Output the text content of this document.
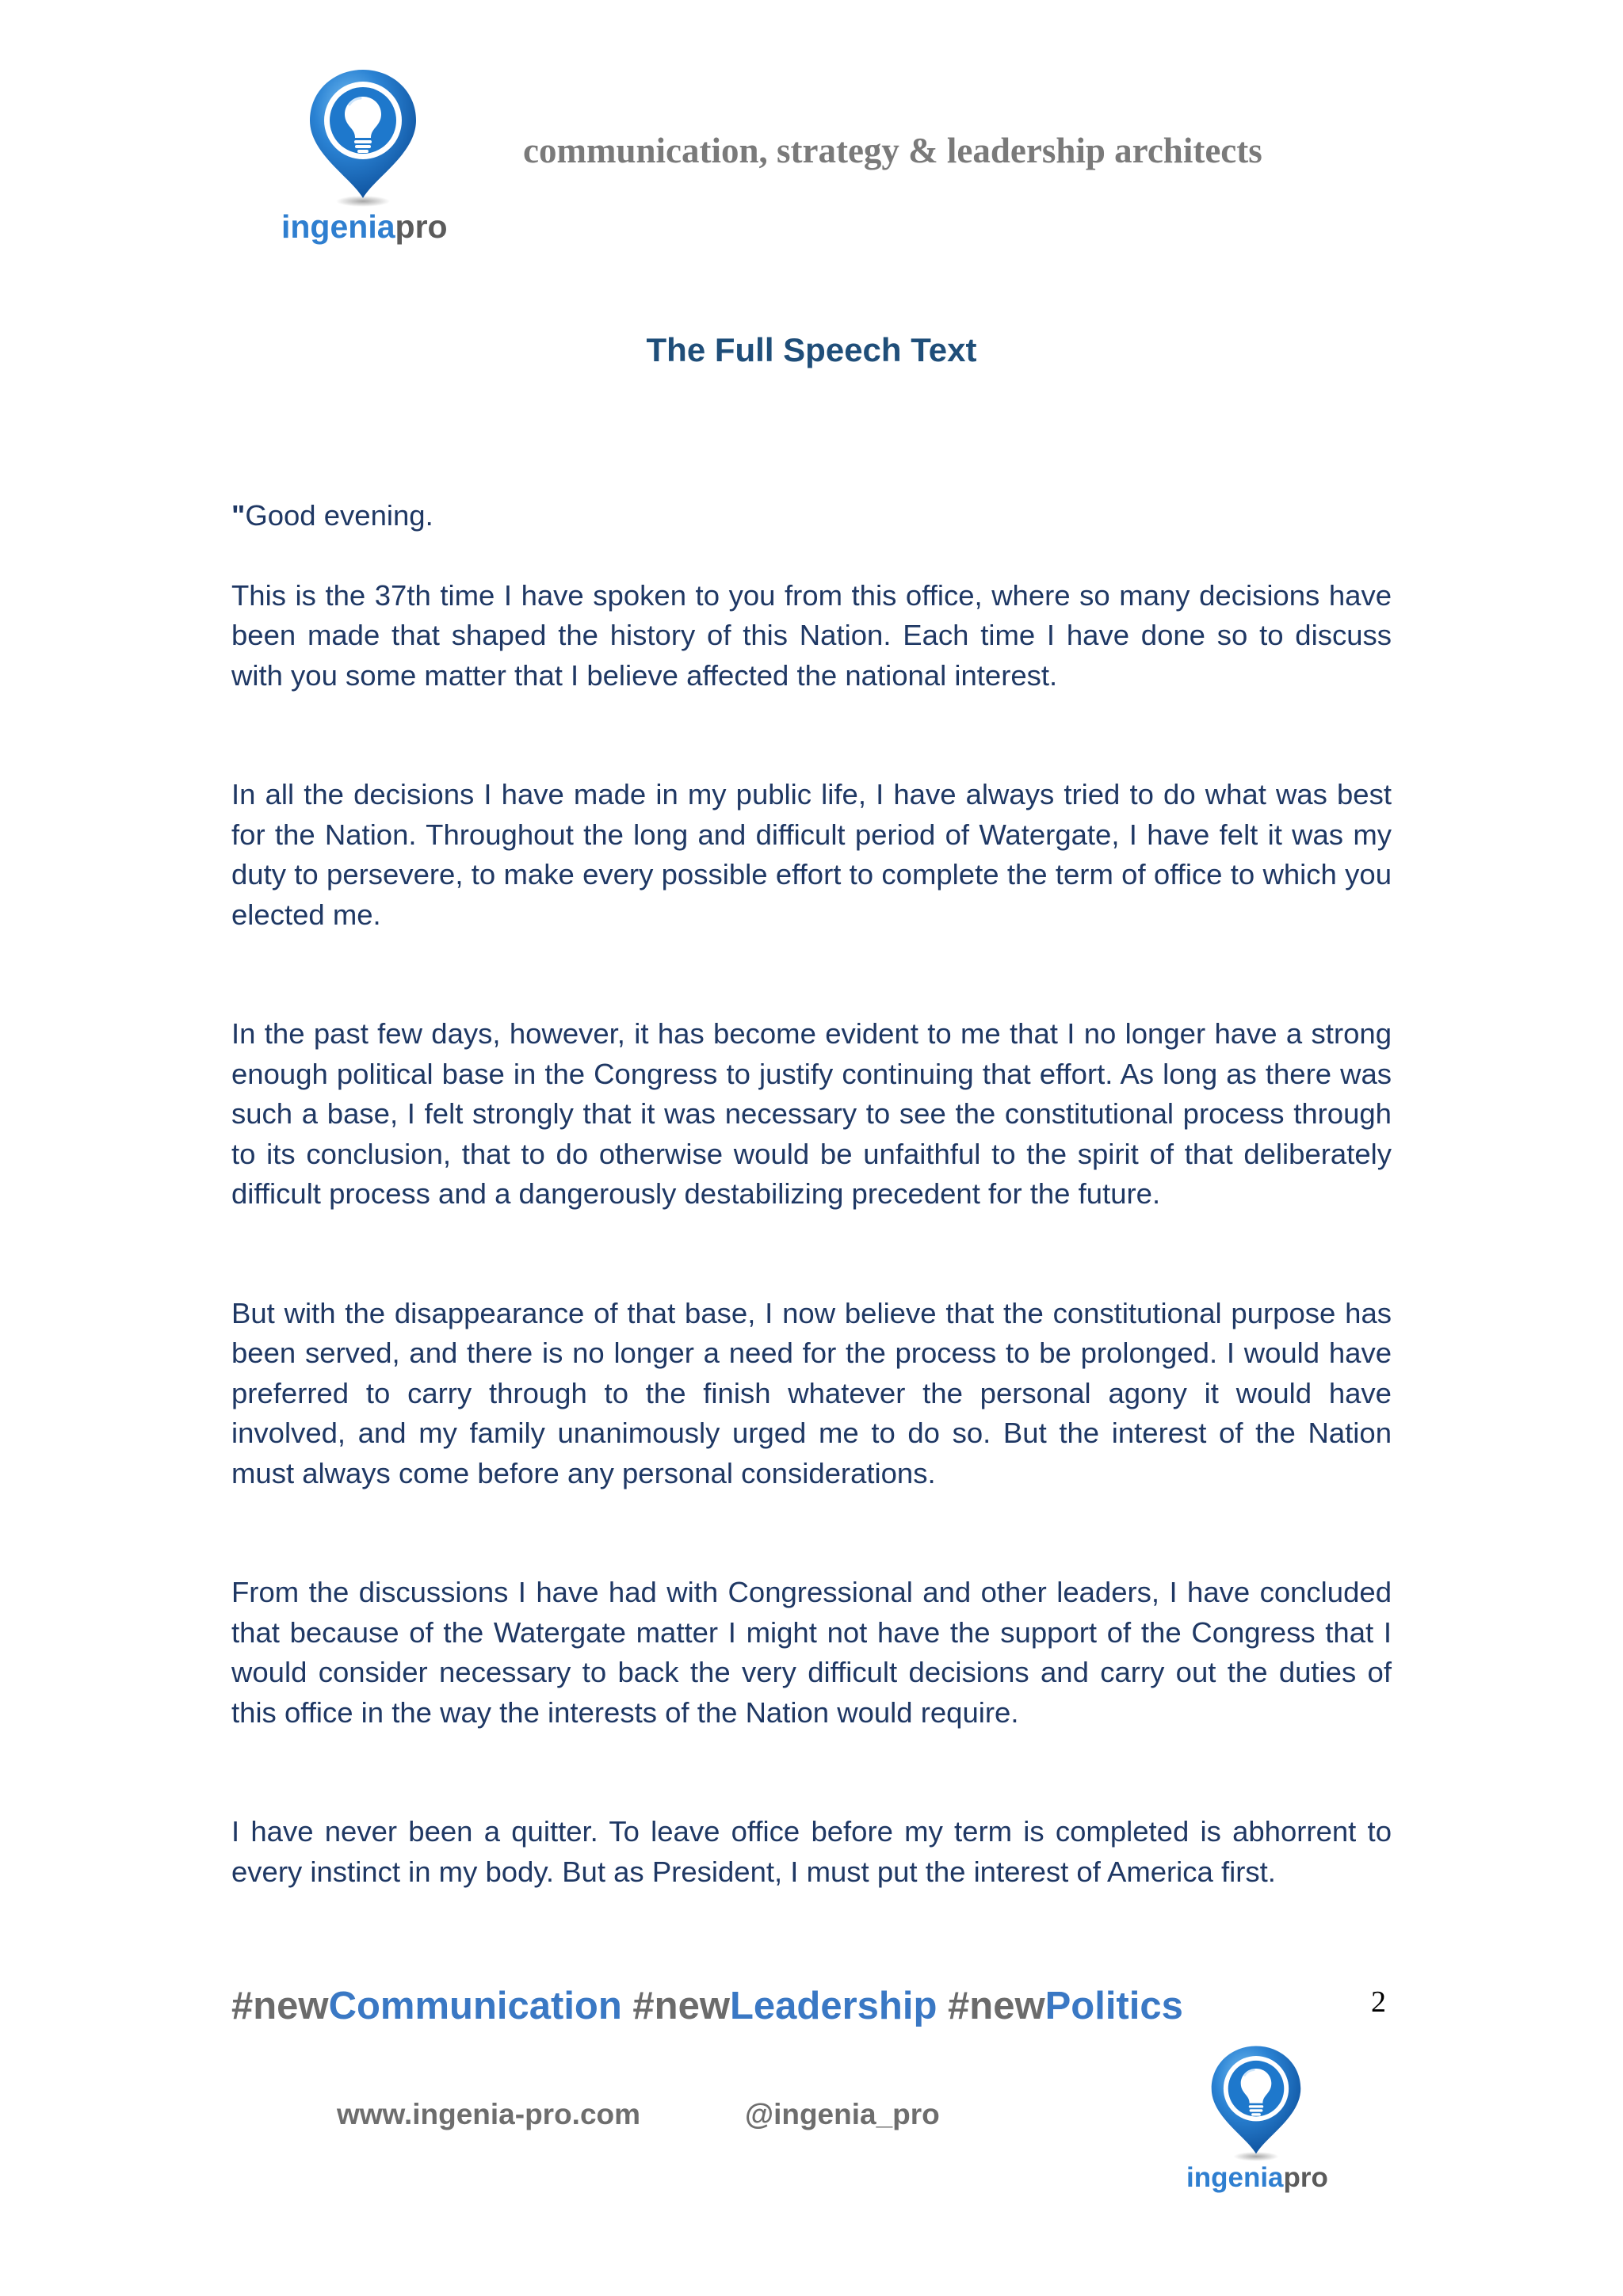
ingeniapro
communication, strategy & leadership architects
The Full Speech Text

"Good evening.

This is the 37th time I have spoken to you from this office, where so many decisions have been made that shaped the history of this Nation. Each time I have done so to discuss with you some matter that I believe affected the national interest.

In all the decisions I have made in my public life, I have always tried to do what was best for the Nation. Throughout the long and difficult period of Watergate, I have felt it was my duty to persevere, to make every possible effort to complete the term of office to which you elected me.

In the past few days, however, it has become evident to me that I no longer have a strong enough political base in the Congress to justify continuing that effort. As long as there was such a base, I felt strongly that it was necessary to see the constitutional process through to its conclusion, that to do otherwise would be unfaithful to the spirit of that deliberately difficult process and a dangerously destabilizing precedent for the future.

But with the disappearance of that base, I now believe that the constitutional purpose has been served, and there is no longer a need for the process to be prolonged. I would have preferred to carry through to the finish whatever the personal agony it would have involved, and my family unanimously urged me to do so. But the interest of the Nation must always come before any personal considerations.

From the discussions I have had with Congressional and other leaders, I have concluded that because of the Watergate matter I might not have the support of the Congress that I would consider necessary to back the very difficult decisions and carry out the duties of this office in the way the interests of the Nation would require.

I have never been a quitter. To leave office before my term is completed is abhorrent to every instinct in my body. But as President, I must put the interest of America first.

#newCommunication #newLeadership #newPolitics	2
www.ingenia-pro.com	@ingenia_pro
ingeniapro
